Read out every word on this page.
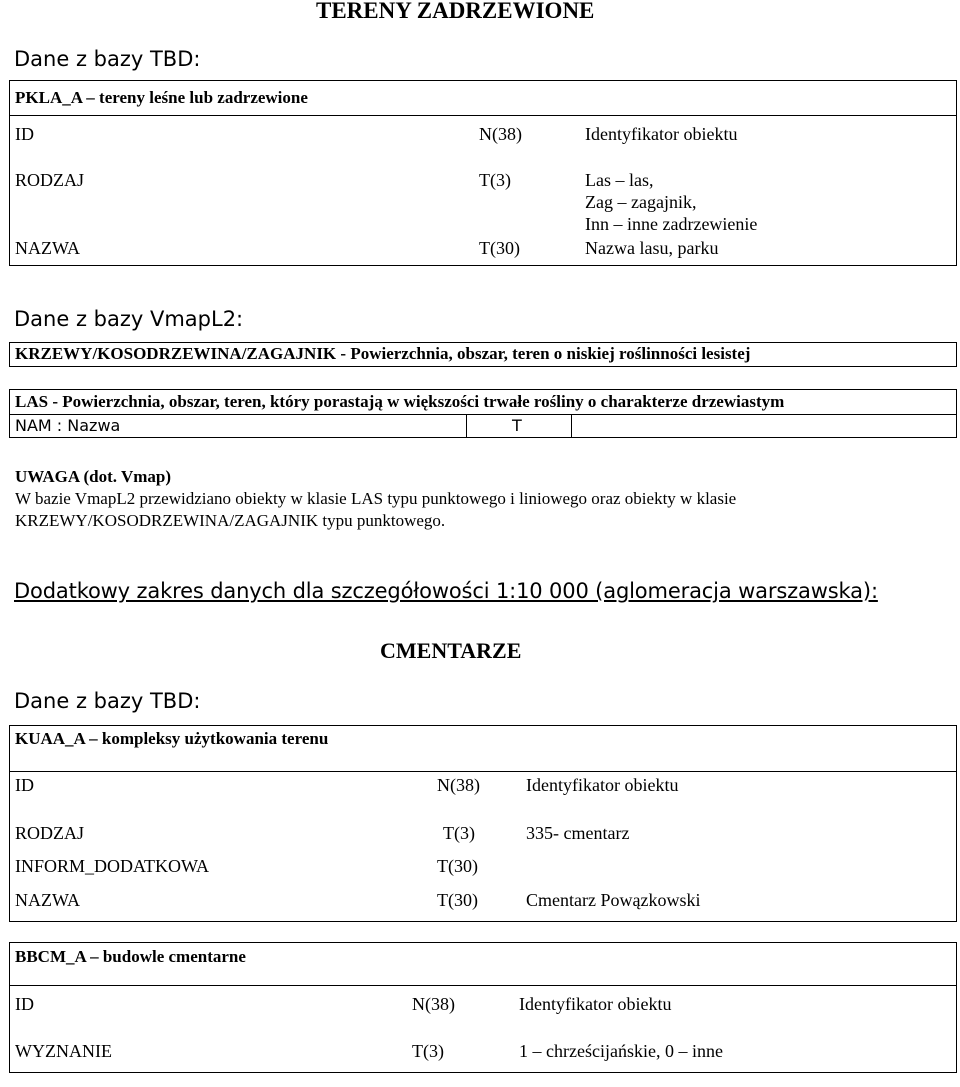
TERENY ZADRZEWIONE
Dane z bazy TBD:
PKLA_A – tereny leśne lub zadrzewione
ID	N(38)	Identyfikator obiektu
RODZAJ	T(3)	Las – las,
Zag – zagajnik,
Inn – inne zadrzewienie
NAZWA	T(30)	Nazwa lasu, parku
Dane z bazy VmapL2:
KRZEWY/KOSODRZEWINA/ZAGAJNIK - Powierzchnia, obszar, teren o niskiej roślinności lesistej
LAS - Powierzchnia, obszar, teren, który porastają w większości trwałe rośliny o charakterze drzewiastym
NAM : Nazwa	T
UWAGA (dot. Vmap)
W bazie VmapL2 przewidziano obiekty w klasie LAS typu punktowego i liniowego oraz obiekty w klasie
KRZEWY/KOSODRZEWINA/ZAGAJNIK typu punktowego.
Dodatkowy zakres danych dla szczegółowości 1:10 000 (aglomeracja warszawska):
CMENTARZE
Dane z bazy TBD:
KUAA_A – kompleksy użytkowania terenu
ID	N(38)	Identyfikator obiektu
RODZAJ	T(3)	335- cmentarz
INFORM_DODATKOWA	T(30)
NAZWA	T(30)	Cmentarz Powązkowski
BBCM_A – budowle cmentarne
ID	N(38)	Identyfikator obiektu
WYZNANIE	T(3)	1 – chrześcijańskie, 0 – inne
